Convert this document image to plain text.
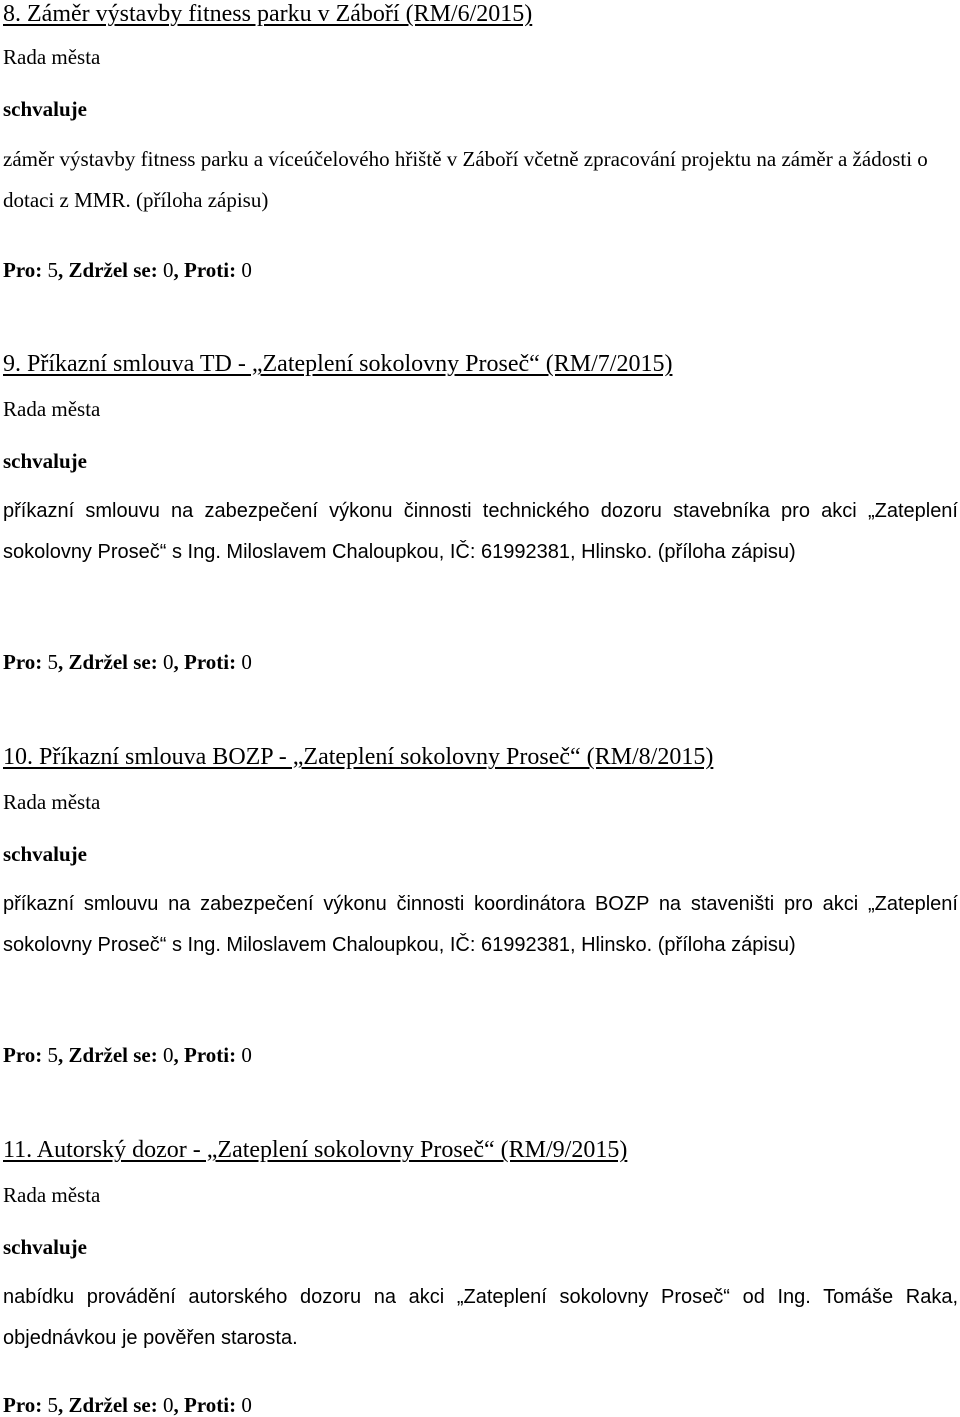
8. Záměr výstavby fitness parku v Záboří (RM/6/2015)
Rada města
schvaluje

záměr výstavby fitness parku a víceúčelového hřiště v Záboří včetně zpracování projektu na záměr a žádosti o dotaci z MMR. (příloha zápisu)

Pro: 5, Zdržel se: 0, Proti: 0
9. Příkazní smlouva TD - „Zateplení sokolovny Proseč“ (RM/7/2015)
Rada města
schvaluje

příkazní smlouvu na zabezpečení výkonu činnosti technického dozoru stavebníka pro akci „Zateplení sokolovny Proseč“ s Ing. Miloslavem Chaloupkou, IČ: 61992381, Hlinsko. (příloha zápisu)

Pro: 5, Zdržel se: 0, Proti: 0
10. Příkazní smlouva BOZP - „Zateplení sokolovny Proseč“ (RM/8/2015)
Rada města
schvaluje

příkazní smlouvu na zabezpečení výkonu činnosti koordinátora BOZP na staveništi pro akci „Zateplení sokolovny Proseč“ s Ing. Miloslavem Chaloupkou, IČ: 61992381, Hlinsko. (příloha zápisu)

Pro: 5, Zdržel se: 0, Proti: 0
11. Autorský dozor - „Zateplení sokolovny Proseč“ (RM/9/2015)
Rada města
schvaluje

nabídku provádění autorského dozoru na akci „Zateplení sokolovny Proseč“ od Ing. Tomáše Raka, objednávkou je pověřen starosta.

Pro: 5, Zdržel se: 0, Proti: 0
